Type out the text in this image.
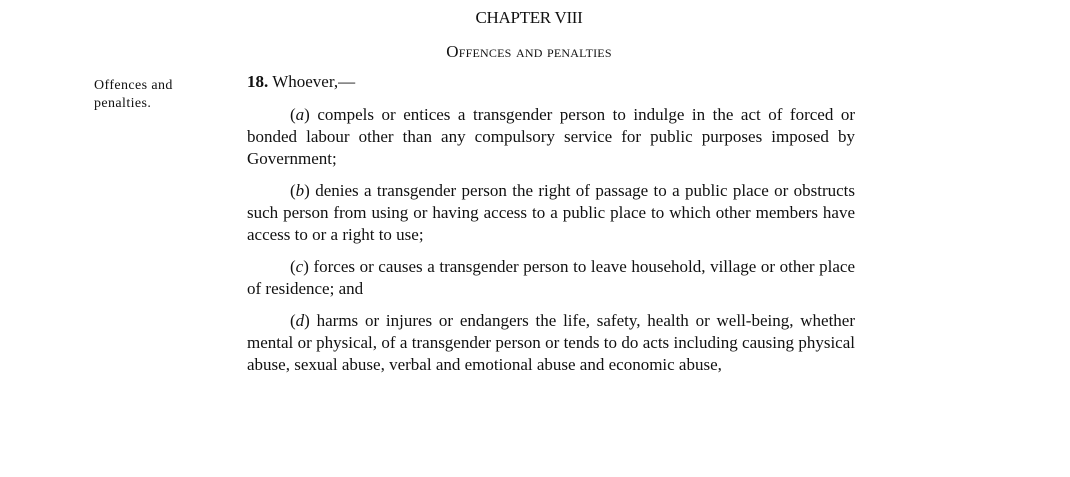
CHAPTER VIII
Offences and penalties
Offences and
penalties.
18. Whoever,—

(a) compels or entices a transgender person to indulge in the act of forced or bonded labour other than any compulsory service for public purposes imposed by Government;

(b) denies a transgender person the right of passage to a public place or obstructs such person from using or having access to a public place to which other members have access to or a right to use;

(c) forces or causes a transgender person to leave household, village or other place of residence; and

(d) harms or injures or endangers the life, safety, health or well-being, whether mental or physical, of a transgender person or tends to do acts including causing physical abuse, sexual abuse, verbal and emotional abuse and economic abuse,
